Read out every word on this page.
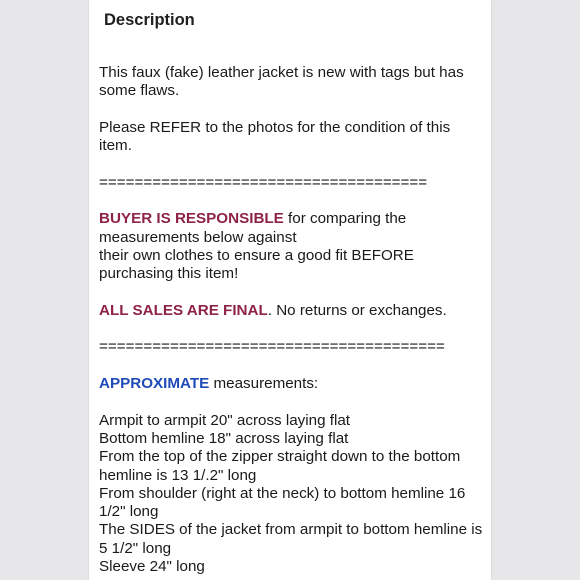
Description

This faux (fake) leather jacket is new with tags but has some flaws.

Please REFER to the photos for the condition of this item.

=====================================

BUYER IS RESPONSIBLE for comparing the measurements below against
their own clothes to ensure a good fit BEFORE purchasing this item!

ALL SALES ARE FINAL. No returns or exchanges.

=======================================

APPROXIMATE measurements:

Armpit to armpit 20" across laying flat

Bottom hemline 18" across laying flat

From the top of the zipper straight down to the bottom hemline is 13 1/.2" long

From shoulder (right at the neck) to bottom hemline 16 1/2" long

The SIDES of the jacket from armpit to bottom hemline is 5 1/2" long

Sleeve 24" long
